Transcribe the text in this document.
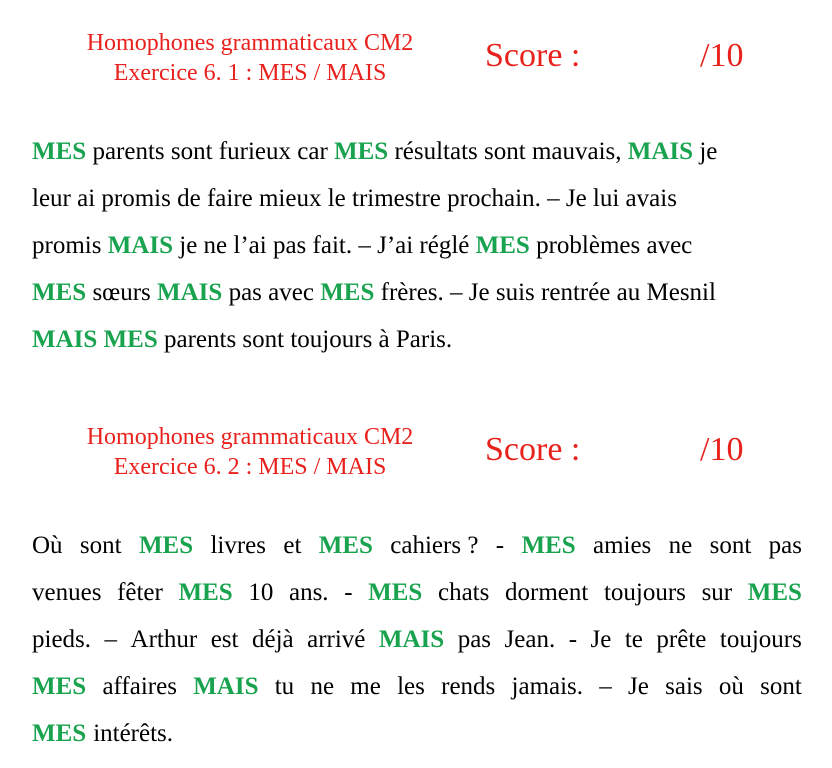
Homophones grammaticaux CM2
Exercice 6. 1 : MES / MAIS	Score :	/10
MES parents sont furieux car MES résultats sont mauvais, MAIS je
leur ai promis de faire mieux le trimestre prochain. – Je lui avais
promis MAIS je ne l’ai pas fait. – J’ai réglé MES problèmes avec
MES sœurs MAIS pas avec MES frères. – Je suis rentrée au Mesnil
MAIS MES parents sont toujours à Paris.
Homophones grammaticaux CM2
Exercice 6. 2 : MES / MAIS	Score :	/10
Où sont MES livres et MES cahiers ? - MES amies ne sont pas
venues fêter MES 10 ans. - MES chats dorment toujours sur MES
pieds. – Arthur est déjà arrivé MAIS pas Jean. - Je te prête toujours
MES affaires MAIS tu ne me les rends jamais. – Je sais où sont
MES intérêts.
